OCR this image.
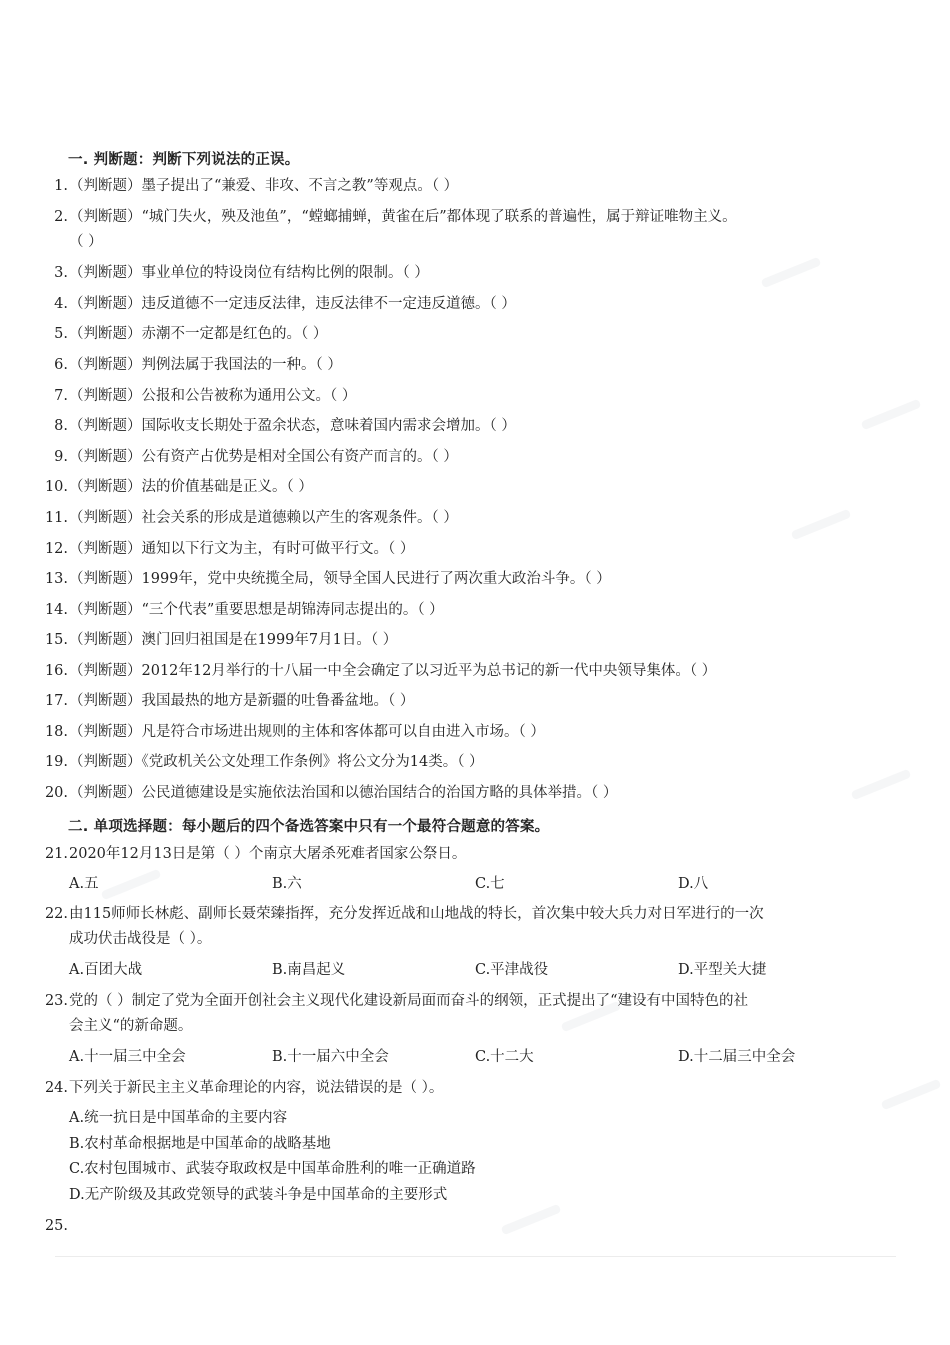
一. 判断题：判断下列说法的正误。
1. （判断题）墨子提出了“兼爱、非攻、不言之教”等观点。（ ）
2. （判断题）“城门失火，殃及池鱼”，“螳螂捕蝉，黄雀在后”都体现了联系的普遍性，属于辩证唯物主义。
（ ）
3. （判断题）事业单位的特设岗位有结构比例的限制。（ ）
4. （判断题）违反道德不一定违反法律，违反法律不一定违反道德。（ ）
5. （判断题）赤潮不一定都是红色的。（ ）
6. （判断题）判例法属于我国法的一种。（ ）
7. （判断题）公报和公告被称为通用公文。（ ）
8. （判断题）国际收支长期处于盈余状态，意味着国内需求会增加。（ ）
9. （判断题）公有资产占优势是相对全国公有资产而言的。（ ）
10. （判断题）法的价值基础是正义。（ ）
11. （判断题）社会关系的形成是道德赖以产生的客观条件。（ ）
12. （判断题）通知以下行文为主，有时可做平行文。（ ）
13. （判断题）1999年，党中央统揽全局，领导全国人民进行了两次重大政治斗争。（ ）
14. （判断题）“三个代表”重要思想是胡锦涛同志提出的。（ ）
15. （判断题）澳门回归祖国是在1999年7月1日。（ ）
16. （判断题）2012年12月举行的十八届一中全会确定了以习近平为总书记的新一代中央领导集体。（ ）
17. （判断题）我国最热的地方是新疆的吐鲁番盆地。（ ）
18. （判断题）凡是符合市场进出规则的主体和客体都可以自由进入市场。（ ）
19. （判断题）《党政机关公文处理工作条例》将公文分为14类。（ ）
20. （判断题）公民道德建设是实施依法治国和以德治国结合的治国方略的具体举措。（ ）
二. 单项选择题：每小题后的四个备选答案中只有一个最符合题意的答案。
21. 2020年12月13日是第（ ）个南京大屠杀死难者国家公祭日。
A.五	B.六	C.七	D.八
22. 由115师师长林彪、副师长聂荣臻指挥，充分发挥近战和山地战的特长，首次集中较大兵力对日军进行的一次
成功伏击战役是（ ）。
A.百团大战	B.南昌起义	C.平津战役	D.平型关大捷
23. 党的（ ）制定了党为全面开创社会主义现代化建设新局面而奋斗的纲领，正式提出了“建设有中国特色的社
会主义“的新命题。
A.十一届三中全会	B.十一届六中全会	C.十二大	D.十二届三中全会
24. 下列关于新民主主义革命理论的内容，说法错误的是（ ）。
A.统一抗日是中国革命的主要内容
B.农村革命根据地是中国革命的战略基地
C.农村包围城市、武装夺取政权是中国革命胜利的唯一正确道路
D.无产阶级及其政党领导的武装斗争是中国革命的主要形式
25.
